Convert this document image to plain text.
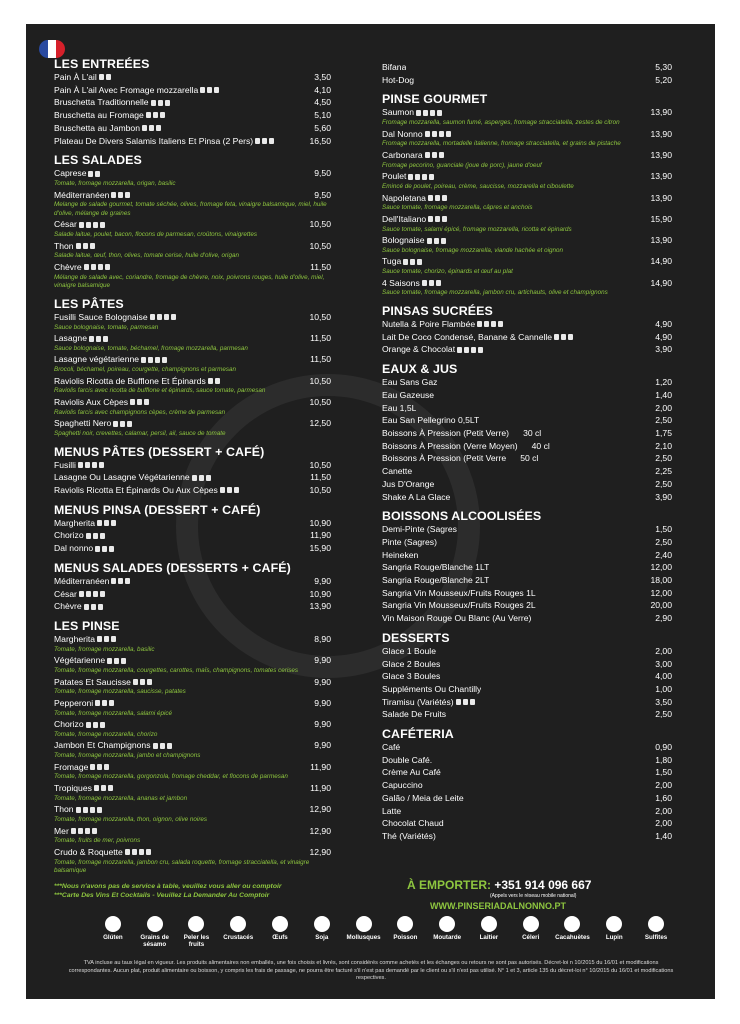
LES ENTREÉES
Pain À L'ail	3,50
Pain À L'ail Avec Fromage mozzarella	4,10
Bruschetta Traditionnelle	4,50
Bruschetta au Fromage	5,10
Bruschetta au Jambon	5,60
Plateau De Divers Salamis Italiens Et Pinsa (2 Pers)	16,50
LES SALADES
Caprese	9,50
Tomate, fromage mozzarella, origan, basilic
Méditerranéen	9,50
Melange de salade gourmet, tomate séchée, olives, fromage feta, vinaigre balsamique, miel, huile d'olive, mélange de graines
César	10,50
Salade laitue, poulet, bacon, flocons de parmesan, croûtons, vinaigrettes
Thon	10,50
Salade laitue, œuf, thon, olives, tomate cerise, huile d'olive, origan
Chèvre	11,50
Mélange de salade avec, coriandre, fromage de chèvre, noix, poivrons rouges, huile d'olive, miel, vinaigre balsamique
LES PÂTES
Fusilli Sauce Bolognaise	10,50
Sauce bolognaise, tomate, parmesan
Lasagne	11,50
Sauce bolognaise, tomate, béchamel, fromage mozzarella, parmesan
Lasagne végétarienne	11,50
Brocoli, béchamel, poireau, courgette, champignons et parmesan
Raviolis Ricotta de Bufflone Et Épinards	10,50
Raviolis farcis avec ricotta de bufflone et épinards, sauce tomate, parmesan
Raviolis Aux Cèpes	10,50
Raviolis farcis avec champignons cèpes, crème de parmesan
Spaghetti Nero	12,50
Spaghetti noir, crevettes, calamar, persil, ail, sauce de tomate
MENUS PÂTES (DESSERT + CAFÉ)
Fusilli	10,50
Lasagne Ou Lasagne Végétarienne	11,50
Raviolis Ricotta Et Épinards Ou Aux Cèpes	10,50
MENUS PINSA (DESSERT + CAFÉ)
Margherita	10,90
Chorizo	11,90
Dal nonno	15,90
MENUS SALADES (DESSERTS + CAFÉ)
Méditerranéen	9,90
César	10,90
Chèvre	13,90
LES PINSE
Margherita	8,90
Tomate, fromage mozzarella, basilic
Végétarienne	9,90
Tomate, fromage mozzarella, courgettes, carottes, maïs, champignons, tomates cerises
Patates Et Saucisse	9,90
Tomate, fromage mozzarella, saucisse, patates
Pepperoni	9,90
Tomate, fromage mozzarella, salami épicé
Chorizo	9,90
Tomate, fromage mozzarella, chorizo
Jambon Et Champignons	9,90
Tomate, fromage mozzarella, jambo et champignons
Fromage	11,90
Tomate, fromage mozzarella, gorgonzola, fromage cheddar, et flocons de parmesan
Tropiques	11,90
Tomate, fromage mozzarella, ananas et jambon
Thon	12,90
Tomate, fromage mozzarella, thon, oignon, olive noires
Mer	12,90
Tomate, fruits de mer, poivrons
Crudo & Roquette	12,90
Tomate, fromage mozzarella, jambon cru, salada roquette, fromage stracciatella, et vinaigre balsamique
Bifana	5,30
Hot-Dog	5,20
PINSE GOURMET
Saumon	13,90
Fromage mozzarella, saumon fumé, asperges, fromage stracciatella, zestes de citron
Dal Nonno	13,90
Fromage mozzarella, mortadelle italienne, fromage stracciatella, et grains de pistache
Carbonara	13,90
Fromage pecorino, guanciale (joue de porc), jaune d'oeuf
Poulet	13,90
Emincé de poulet, poireau, crème, saucisse, mozzarella et ciboulette
Napoletana	13,90
Sauce tomate, fromage mozzarella, câpres et anchois
Dell'Italiano	15,90
Sauce tomate, salami épicé, fromage mozzarella, ricotta et épinards
Bolognaise	13,90
Sauce bolognaise, fromage mozzarella, viande hachée et oignon
Tuga	14,90
Sauce tomate, chorizo, épinards et œuf au plat
4 Saisons	14,90
Sauce tomate, fromage mozzarella, jambon cru, artichauts, olive et champignons
PINSAS SUCRÉES
Nutella & Poire Flambée	4,90
Lait De Coco Condensé, Banane & Cannelle	4,90
Orange & Chocolat	3,90
EAUX & JUS
Eau Sans Gaz	1,20
Eau Gazeuse	1,40
Eau 1,5L	2,00
Eau San Pellegrino 0,5LT	2,50
Boissons À Pression (Petit Verre) 30 cl	1,75
Boissons À Pression (Verre Moyen) 40 cl	2,10
Boissons À Pression (Petit Verre 50 cl	2,50
Canette	2,25
Jus D'Orange	2,50
Shake A La Glace	3,90
BOISSONS ALCOOLISÉES
Demi-Pinte (Sagres	1,50
Pinte (Sagres)	2,50
Heineken	2,40
Sangria Rouge/Blanche 1LT	12,00
Sangria Rouge/Blanche 2LT	18,00
Sangria Vin Mousseux/Fruits Rouges 1L	12,00
Sangria Vin Mousseux/Fruits Rouges 2L	20,00
Vin Maison Rouge Ou Blanc (Au Verre)	2,90
DESSERTS
Glace 1 Boule	2,00
Glace 2 Boules	3,00
Glace 3 Boules	4,00
Suppléments Ou Chantilly	1,00
Tiramisu (Variétés)	3,50
Salade De Fruits	2,50
CAFÉTERIA
Café	0,90
Double Café.	1,80
Crème Au Café	1,50
Capuccino	2,00
Galão / Meia de Leite	1,60
Latte	2,00
Chocolat Chaud	2,00
Thé (Variétés)	1,40
***Nous n'avons pas de service à table, veuillez vous aller ou comptoir
***Carte Des Vins Et Cocktails - Veuillez La Demander Au Comptoir
À EMPORTER: +351 914 096 667
(Appels vers le réseau mobile national)
WWW.PINSERIADALNONNO.PT
Glúten	Grains de sésamo
Peler les fruits
Crustacés	Œufs	Soja	Mollusques	Poisson	Moutarde	Laitier	Céleri	Cacahuètes	Lupin	Sulfites
TVA incluse au taux légal en vigueur. Les produits alimentaires non emballés, une fois choisis et livrés, sont considérés comme achetés et les échanges ou retours ne sont pas autorisés. Décret-loi n 10/2015 du 16/01 et modifications correspondantes. Aucun plat, produit alimentaire ou boisson, y compris les frais de passage, ne pourra être facturé s'il n'est pas demandé par le client ou s'il n'est pas utilisé. N° 1 et 3, article 135 du décret-loi n° 10/2015 du 16/01 et modifications respectives.
